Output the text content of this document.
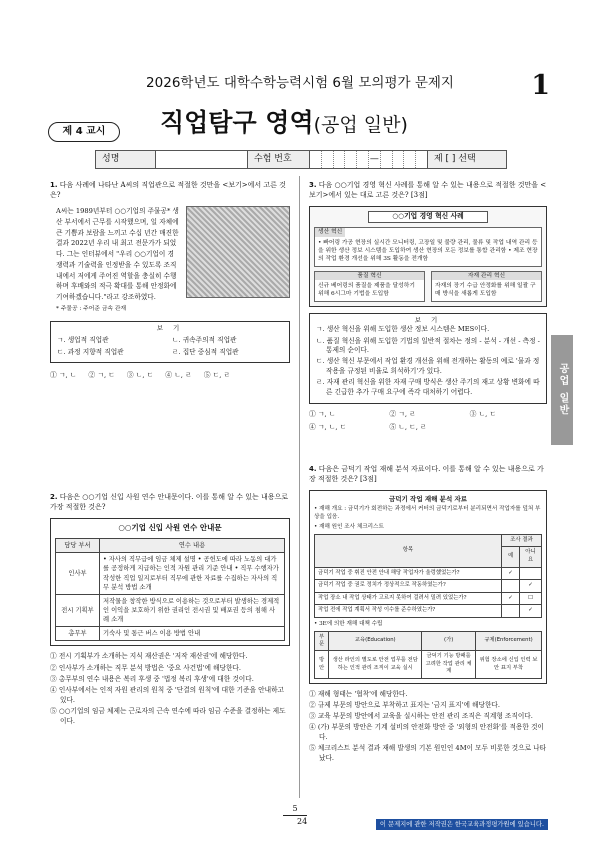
2026학년도 대학수학능력시험 6월 모의평가 문제지	1
제 4 교시	직업탐구 영역(공업 일반)
성명	수험 번호	—	제 [ ] 선택
공업 일반
1. 다음 사례에 나타난 A씨의 직업관으로 적절한 것만을 <보기>에서 고른 것은?
A씨는 1989년부터 ○○기업의 주물공* 생산 부서에서 근무를 시작했으며, 일 자체에 큰 기쁨과 보람을 느끼고 수십 년간 매진한 결과 2022년 우리 내 최고 전문가가 되었다. 그는 인터뷰에서 "우리 ○○기업이 경쟁력과 기술력을 인정받을 수 있도록 조직 내에서 저에게 주어진 역할을 충실히 수행하며 후배와의 적극 확대를 통해 안정화에 기여하겠습니다."라고 강조하였다.
* 주물공 : 주어준 금속 관재
보 기
ㄱ. 생업적 직업관	ㄴ. 귀속주의적 직업관
ㄷ. 과정 지향적 직업관	ㄹ. 집단 중심적 직업관
① ㄱ, ㄴ ② ㄱ, ㄷ ③ ㄴ, ㄷ ④ ㄴ, ㄹ ⑤ ㄷ, ㄹ
2. 다음은 ○○기업 신입 사원 연수 안내문이다. 이를 통해 알 수 있는 내용으로 가장 적절한 것은?
○○기업 신입 사원 연수 안내문
담당 부서	연수 내용
인사부	• 자사의 직무급에 임금 체제 설명 • 공헌도에 따라 노동의 대가를 공정하게 지급하는 인적 자원 관리 기준 안내 • 직무 수행자가 작성한 직업 일지로부터 직무에 관한 자료를 수집하는 자사의 직무 분석 방법 소개
전시 기획부	저작물을 창작한 방식으로 이용하는 것으로부터 발생하는 경제적인 이익을 보호하기 위한 권리인 전시권 및 배포권 등의 침해 사례 소개
총무부	기숙사 및 통근 버스 이용 방법 안내
① 전시 기획부가 소개하는 지식 재산권은 '저작 재산권'에 해당한다.
② 인사부가 소개하는 직무 분석 방법은 '중요 사건법'에 해당한다.
③ 총무부의 연수 내용은 복리 후생 중 '법정 복리 후생'에 대한 것이다.
④ 인사부에서는 인적 자원 관리의 원칙 중 '단결의 원칙'에 대한 기준을 안내하고 있다.
⑤ ○○기업의 임금 체제는 근로자의 근속 연수에 따라 임금 수준을 결정하는 제도이다.
3. 다음 ○○기업 경영 혁신 사례를 통해 알 수 있는 내용으로 적절한 것만을 <보기>에서 있는 대로 고른 것은? [3점]
○○기업 경영 혁신 사례
생산 혁신
• 빠어링 가공 현장의 실시간 모니터링, 고장일 및 불량 관리, 물류 및 작업 내역 관리 등을 위한 생산 정보 시스템을 도입하여 생산 현장의 모든 정보를 통합 관리함 • 제조 현장의 작업 환경 개선을 위해 3S 활동을 전개함
품질 혁신
신규 베어링의 품질을 제품을 달성하기 위해 6시그마 기법을 도입함
자재 관리 혁신
자재의 장기 수급 안정화를 위해 일괄 구매 방식을 새롭게 도입함
보 기
ㄱ. 생산 혁신을 위해 도입한 생산 정보 시스템은 MES이다.
ㄴ. 품질 혁신을 위해 도입한 기법의 일반적 절차는 정의 - 분석 - 개선 - 측정 - 통제의 순이다.
ㄷ. 생산 혁신 부문에서 작업 환경 개선을 위해 전개하는 활동의 예로 '물과 정작용을 규정된 비율로 희석하기'가 있다.
ㄹ. 자재 관리 혁신을 위한 자재 구매 방식은 생산 주기의 재고 상황 변화에 따른 긴급한 추가 구매 요구에 즉각 대처하기 어렵다.
① ㄱ, ㄴ	② ㄱ, ㄹ	③ ㄴ, ㄷ
④ ㄱ, ㄴ, ㄷ	⑤ ㄴ, ㄷ, ㄹ
4. 다음은 금덕기 작업 재해 분석 자료이다. 이를 통해 알 수 있는 내용으로 가장 적절한 것은? [3점]
금덕기 작업 재해 분석 자료
• 재해 개요 : 금덕기가 회전하는 과정에서 커터의 금덕기로부터 분리되면서 작업자를 덮쳐 부상을 입음.
• 재해 원인 조사 체크리스트
항목	조사 결과	
	예	아니요
금덕기 작업 중 휘진 안전 안내 해당 작업자가 울렁했었는가?	✓	
금덕기 작업 중 권로 정치가 정상적으로 작동하였는가?		✓
작업 장소 내 작업 상태가 고르지 못하여 걸려서 밀려 있었는가?	✓	☐
작업 전에 작업 계획서 작성 이수를 준수하였는가?		✓
• 3E에 의한 재해 대책 수립
부문	교육(Education)	(가)	규제(Enforcement)
방안	생산 라인의 별도로 안전 업무를 전담하는 인적 관리 조직이 교육 실시	금덕기 기능 방패를 고려한 작업 관리 체계	위험 장소에 신입 인력 보안 표지 부착
① 재해 형태는 '협착'에 해당한다.
② 규제 부문의 방안으로 부착하고 표지는 '금지 표지'에 해당한다.
③ 교육 부문의 방안에서 교육을 실시하는 안전 관리 조직은 직계형 조직이다.
④ (가) 부문의 방안은 기계 설비의 안전화 방안 중 '외형의 안전화'를 적용한 것이다.
⑤ 체크리스트 분석 결과 재해 발생의 기본 원인인 4M이 모두 비롯한 것으로 나타났다.
5
24	이 문제지에 관한 저작권은 한국교육과정평가원에 있습니다.
